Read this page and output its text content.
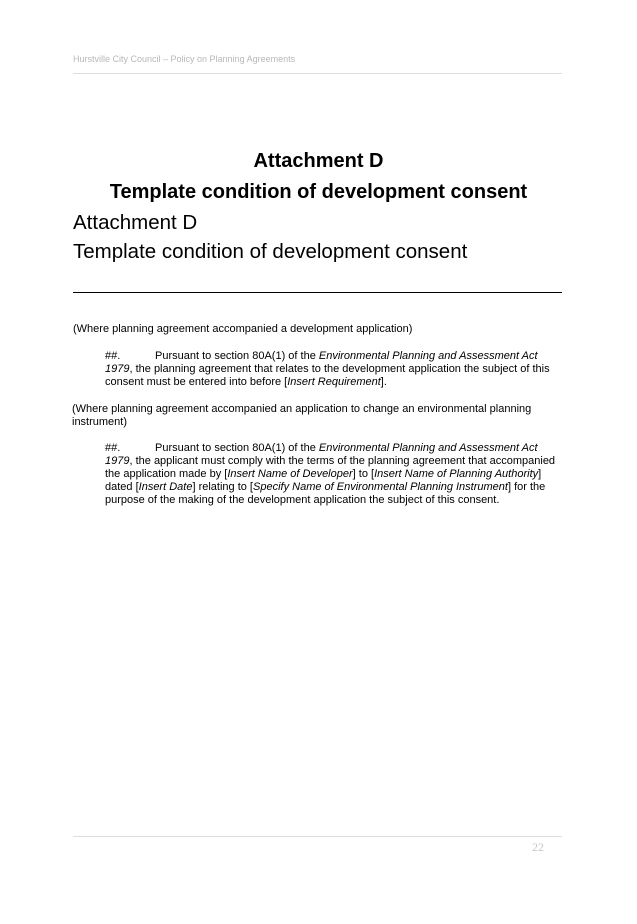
Hurstville City Council – Policy on Planning Agreements
Attachment D
Template condition of development consent
Attachment D
Template condition of development consent
(Where planning agreement accompanied a development application)
##.	Pursuant to section 80A(1) of the Environmental Planning and Assessment Act 1979, the planning agreement that relates to the development application the subject of this consent must be entered into before [Insert Requirement].
(Where planning agreement accompanied an application to change an environmental planning instrument)
##.	Pursuant to section 80A(1) of the Environmental Planning and Assessment Act 1979, the applicant must comply with the terms of the planning agreement that accompanied the application made by [Insert Name of Developer] to [Insert Name of Planning Authority] dated [Insert Date] relating to [Specify Name of Environmental Planning Instrument] for the purpose of the making of the development application the subject of this consent.
22
